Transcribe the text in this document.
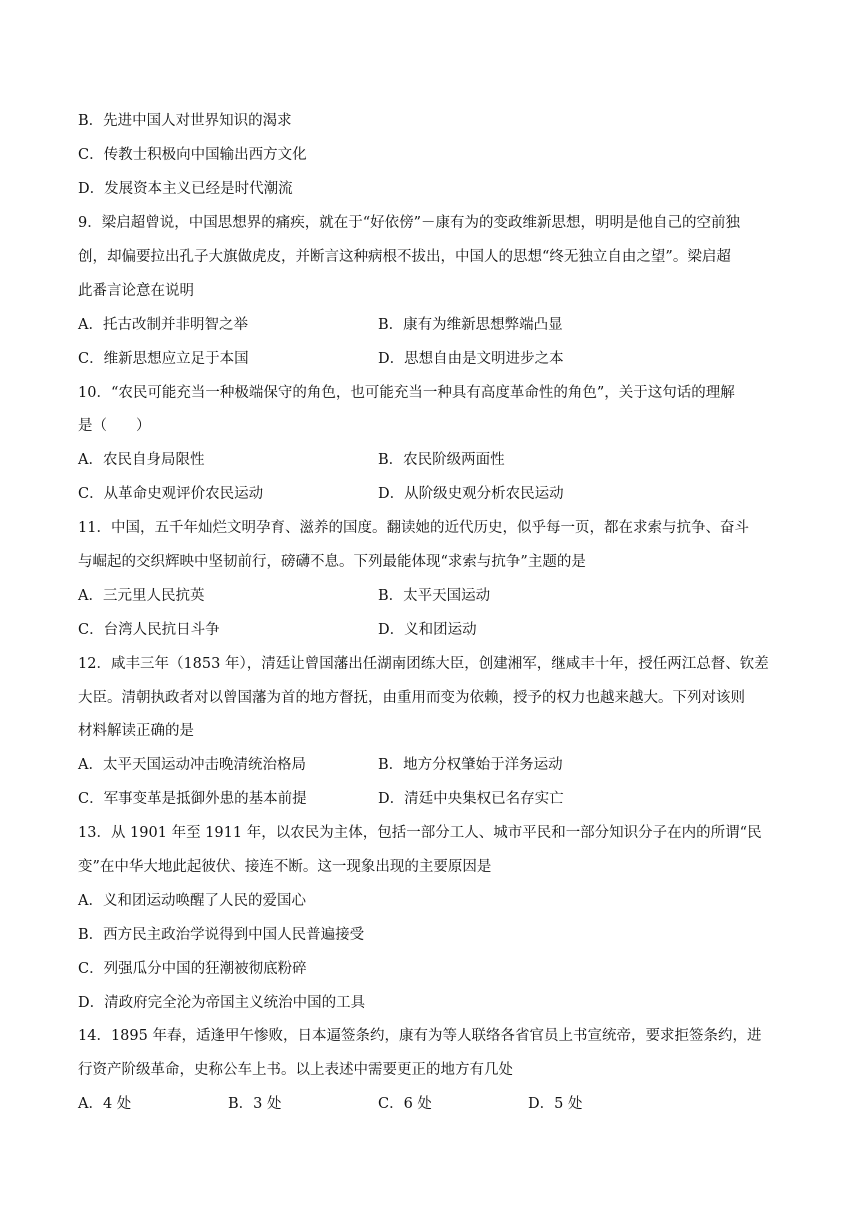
B．先进中国人对世界知识的渴求
C．传教士积极向中国输出西方文化
D．发展资本主义已经是时代潮流
9．梁启超曾说，中国思想界的痛疾，就在于“好依傍”－康有为的变政维新思想，明明是他自己的空前独
创，却偏要拉出孔子大旗做虎皮，并断言这种病根不拔出，中国人的思想“终无独立自由之望”。梁启超
此番言论意在说明
A．托古改制并非明智之举	B．康有为维新思想弊端凸显
C．维新思想应立足于本国	D．思想自由是文明进步之本
10．“农民可能充当一种极端保守的角色，也可能充当一种具有高度革命性的角色”，关于这句话的理解
是（　　）
A．农民自身局限性	B．农民阶级两面性
C．从革命史观评价农民运动	D．从阶级史观分析农民运动
11．中国，五千年灿烂文明孕育、滋养的国度。翻读她的近代历史，似乎每一页，都在求索与抗争、奋斗
与崛起的交织辉映中坚韧前行，磅礴不息。下列最能体现“求索与抗争”主题的是
A．三元里人民抗英	B．太平天国运动
C．台湾人民抗日斗争	D．义和团运动
12．咸丰三年（1853 年），清廷让曾国藩出任湖南团练大臣，创建湘军，继咸丰十年，授任两江总督、钦差
大臣。清朝执政者对以曾国藩为首的地方督抚，由重用而变为依赖，授予的权力也越来越大。下列对该则
材料解读正确的是
A．太平天国运动冲击晚清统治格局	B．地方分权肇始于洋务运动
C．军事变革是抵御外患的基本前提	D．清廷中央集权已名存实亡
13．从 1901 年至 1911 年，以农民为主体，包括一部分工人、城市平民和一部分知识分子在内的所谓“民
变”在中华大地此起彼伏、接连不断。这一现象出现的主要原因是
A．义和团运动唤醒了人民的爱国心
B．西方民主政治学说得到中国人民普遍接受
C．列强瓜分中国的狂潮被彻底粉碎
D．清政府完全沦为帝国主义统治中国的工具
14．1895 年春，适逢甲午惨败，日本逼签条约，康有为等人联络各省官员上书宣统帝，要求拒签条约，进
行资产阶级革命，史称公车上书。以上表述中需要更正的地方有几处
A．4 处	B．3 处	C．6 处	D．5 处
